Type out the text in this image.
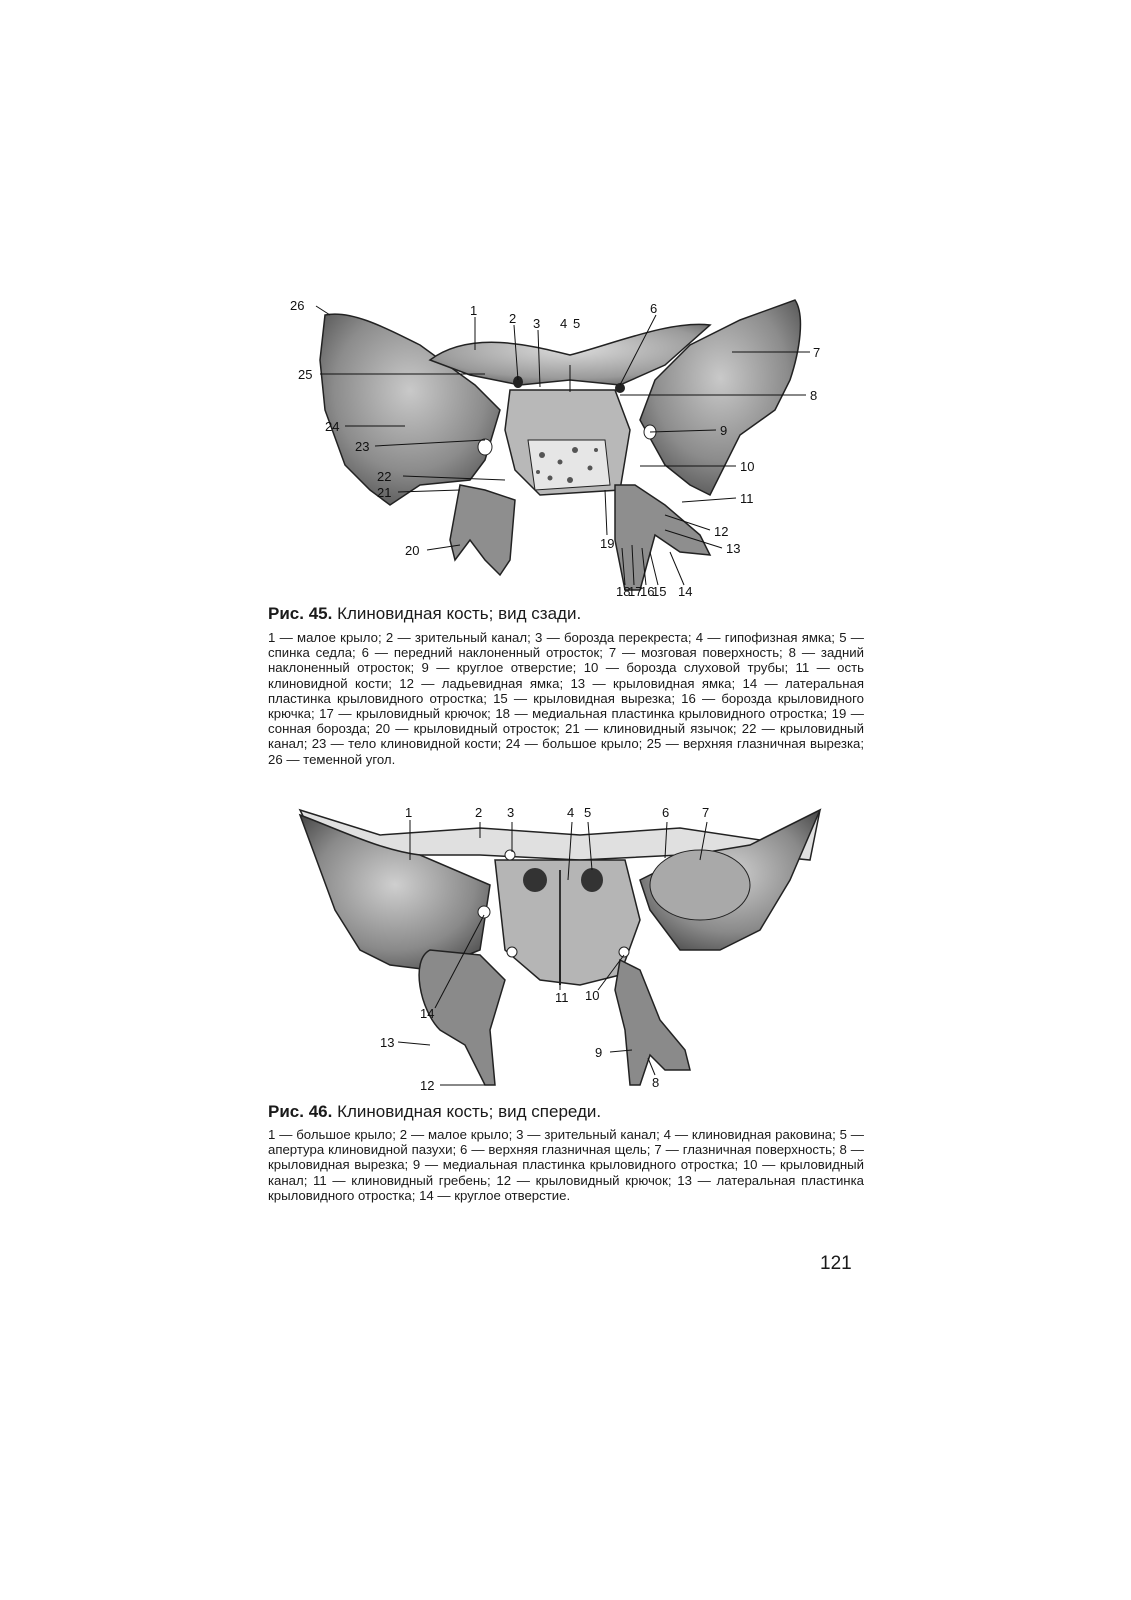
26	1
2 3 4 5
6
7
25
8
24	9
23
10
22
21	11
12
19	13
20
18
17
16
15 14
Рис. 45. Клиновидная кость; вид сзади.
1 — малое крыло; 2 — зрительный канал; 3 — борозда перекреста; 4 — гипофизная ямка; 5 — спинка седла; 6 — передний наклоненный отросток; 7 — мозговая поверхность; 8 — задний наклоненный отросток; 9 — круглое отверстие; 10 — борозда слуховой трубы; 11 — ость клиновидной кости; 12 — ладьевидная ямка; 13 — крыловидная ямка; 14 — латеральная пластинка крыловидного отростка; 15 — крыловидная вырезка; 16 — борозда крыловидного крючка; 17 — крыловидный крючок; 18 — медиальная пластинка крыловидного отростка; 19 — сонная борозда; 20 — крыловидный отросток; 21 — клиновидный язычок; 22 — крыловидный канал; 23 — тело клиновидной кости; 24 — большое крыло; 25 — верхняя глазничная вырезка; 26 — теменной угол.
1	2 3	4 5	6	7
14
11 10
13
9
12	8
Рис. 46. Клиновидная кость; вид спереди.
1 — большое крыло; 2 — малое крыло; 3 — зрительный канал; 4 — клиновидная раковина; 5 — апертура клиновидной пазухи; 6 — верхняя глазничная щель; 7 — глазничная поверхность; 8 — крыловидная вырезка; 9 — медиальная пластинка крыловидного отростка; 10 — крыловидный канал; 11 — клиновидный гребень; 12 — крыловидный крючок; 13 — латеральная пластинка крыловидного отростка; 14 — круглое отверстие.
121
